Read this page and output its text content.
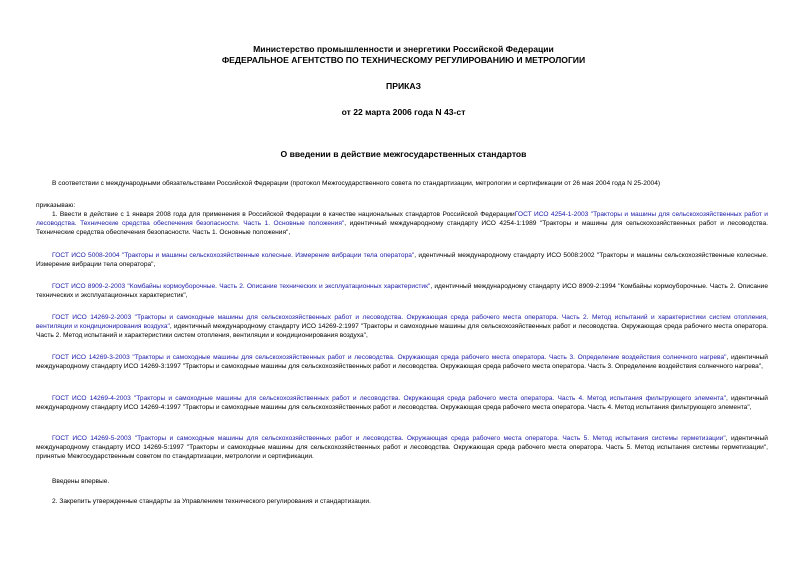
Министерство промышленности и энергетики Российской Федерации
ФЕДЕРАЛЬНОЕ АГЕНТСТВО ПО ТЕХНИЧЕСКОМУ РЕГУЛИРОВАНИЮ И МЕТРОЛОГИИ
ПРИКАЗ
от 22 марта 2006 года N 43-ст
О введении в действие межгосударственных стандартов
В соответствии с международными обязательствами Российской Федерации (протокол Межгосударственного совета по стандартизации, метрологии и сертификации от 26 мая 2004 года N 25-2004)
приказываю:
1. Ввести в действие с 1 января 2008 года для применения в Российской Федерации в качестве национальных стандартов Российской ФедерацииГОСТ ИСО 4254-1-2003 "Тракторы и машины для сельскохозяйственных работ и лесоводства. Технические средства обеспечения безопасности. Часть 1. Основные положения", идентичный международному стандарту ИСО 4254-1:1989 "Тракторы и машины для сельскохозяйственных работ и лесоводства. Технические средства обеспечения безопасности. Часть 1. Основные положения",
ГОСТ ИСО 5008-2004 "Тракторы и машины сельскохозяйственные колесные. Измерение вибрации тела оператора", идентичный международному стандарту ИСО 5008:2002 "Тракторы и машины сельскохозяйственные колесные. Измерение вибрации тела оператора",
ГОСТ ИСО 8909-2-2003 "Комбайны кормоуборочные. Часть 2. Описание технических и эксплуатационных характеристик", идентичный международному стандарту ИСО 8909-2:1994 "Комбайны кормоуборочные. Часть 2. Описание технических и эксплуатационных характеристик",
ГОСТ ИСО 14269-2-2003 "Тракторы и самоходные машины для сельскохозяйственных работ и лесоводства. Окружающая среда рабочего места оператора. Часть 2. Метод испытаний и характеристики систем отопления, вентиляции и кондиционирования воздуха", идентичный международному стандарту ИСО 14269-2:1997 "Тракторы и самоходные машины для сельскохозяйственных работ и лесоводства. Окружающая среда рабочего места оператора. Часть 2. Метод испытаний и характеристики систем отопления, вентиляции и кондиционирования воздуха",
ГОСТ ИСО 14269-3-2003 "Тракторы и самоходные машины для сельскохозяйственных работ и лесоводства. Окружающая среда рабочего места оператора. Часть 3. Определение воздействия солнечного нагрева", идентичный международному стандарту ИСО 14269-3:1997 "Тракторы и самоходные машины для сельскохозяйственных работ и лесоводства. Окружающая среда рабочего места оператора. Часть 3. Определение воздействия солнечного нагрева",
ГОСТ ИСО 14269-4-2003 "Тракторы и самоходные машины для сельскохозяйственных работ и лесоводства. Окружающая среда рабочего места оператора. Часть 4. Метод испытания фильтрующего элемента", идентичный международному стандарту ИСО 14269-4:1997 "Тракторы и самоходные машины для сельскохозяйственных работ и лесоводства. Окружающая среда рабочего места оператора. Часть 4. Метод испытания фильтрующего элемента",
ГОСТ ИСО 14269-5-2003 "Тракторы и самоходные машины для сельскохозяйственных работ и лесоводства. Окружающая среда рабочего места оператора. Часть 5. Метод испытания системы герметизации", идентичный международному стандарту ИСО 14269-5:1997 "Тракторы и самоходные машины для сельскохозяйственных работ и лесоводства. Окружающая среда рабочего места оператора. Часть 5. Метод испытания системы герметизации", принятые Межгосударственным советом по стандартизации, метрологии и сертификации.
Введены впервые.
2. Закрепить утвержденные стандарты за Управлением технического регулирования и стандартизации.
